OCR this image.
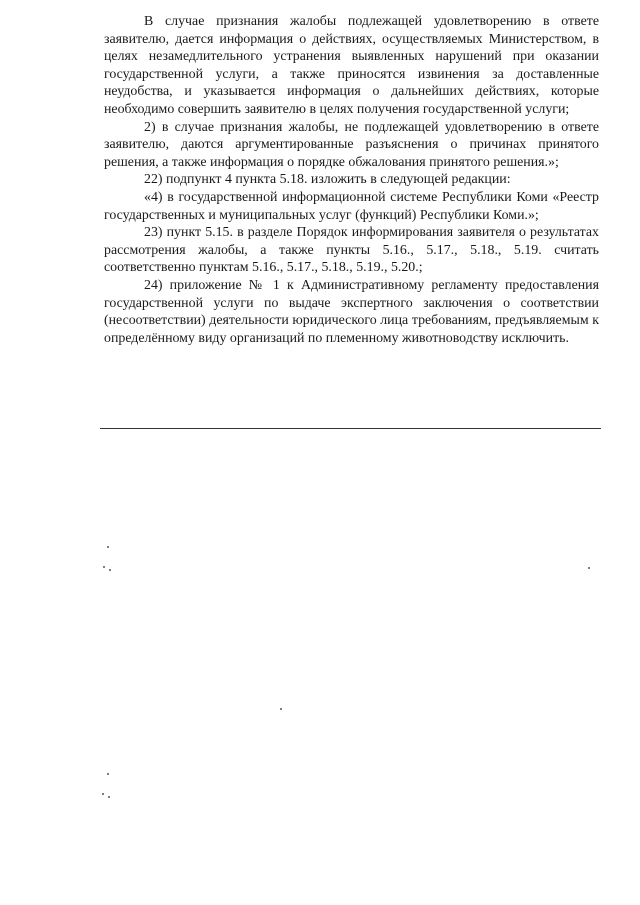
В случае признания жалобы подлежащей удовлетворению в ответе заявителю, дается информация о действиях, осуществляемых Министерством, в целях незамедлительного устранения выявленных нарушений при оказании государственной услуги, а также приносятся извинения за доставленные неудобства, и указывается информация о дальнейших действиях, которые необходимо совершить заявителю в целях получения государственной услуги;

2) в случае признания жалобы, не подлежащей удовлетворению в ответе заявителю, даются аргументированные разъяснения о причинах принятого решения, а также информация о порядке обжалования принятого решения.»;

22) подпункт 4 пункта 5.18. изложить в следующей редакции:

«4) в государственной информационной системе Республики Коми «Реестр государственных и муниципальных услуг (функций) Республики Коми.»;

23) пункт 5.15. в разделе Порядок информирования заявителя о результатах рассмотрения жалобы, а также пункты 5.16., 5.17., 5.18., 5.19. считать соответственно пунктам 5.16., 5.17., 5.18., 5.19., 5.20.;

24) приложение № 1 к Административному регламенту предоставления государственной услуги по выдаче экспертного заключения о соответствии (несоответствии) деятельности юридического лица требованиям, предъявляемым к определённому виду организаций по племенному животноводству исключить.
